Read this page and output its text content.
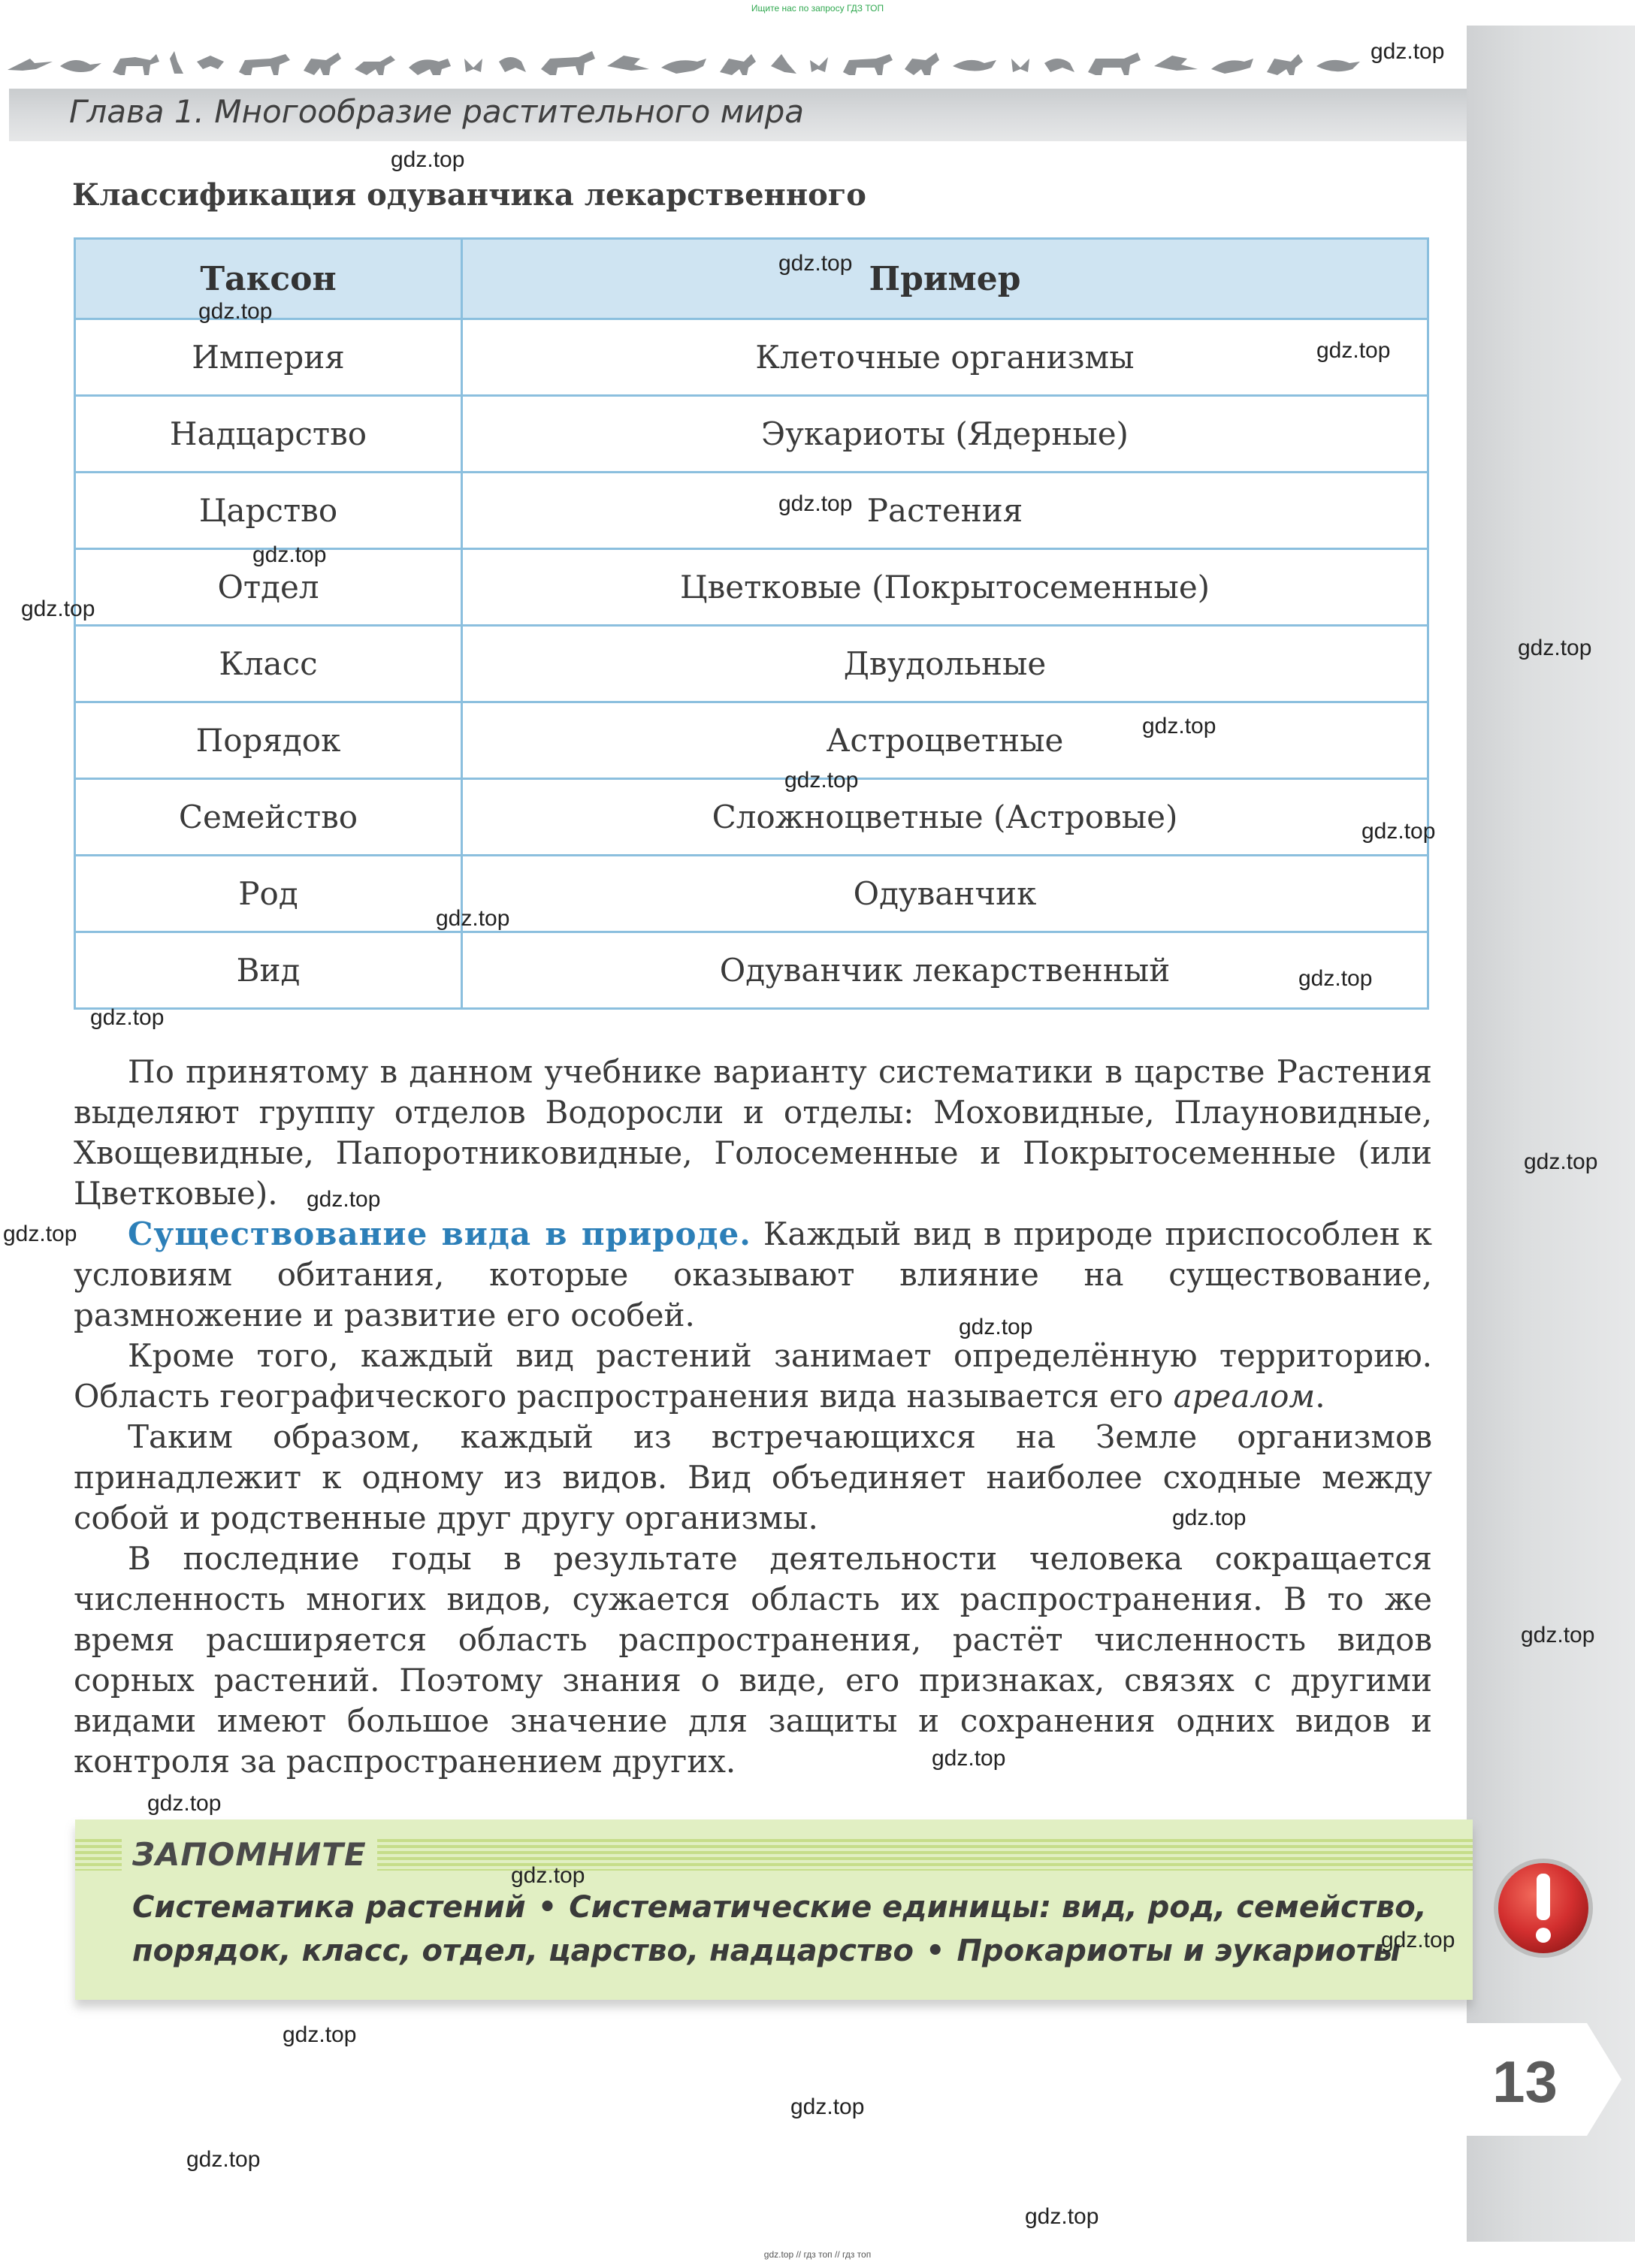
Ищите нас по запросу ГДЗ ТОП
Глава 1. Многообразие растительного мира
Классификация одуванчика лекарственного
Таксон	Пример
Империя	Клеточные организмы
Надцарство	Эукариоты (Ядерные)
Царство	Растения
Отдел	Цветковые (Покрытосеменные)
Класс	Двудольные
Порядок	Астроцветные
Семейство	Сложноцветные (Астровые)
Род	Одуванчик
Вид	Одуванчик лекарственный

По принятому в данном учебнике варианту систематики в царстве Растения выделяют группу отделов Водоросли и отделы: Моховидные, Плауновидные, Хвощевидные, Папоротниковидные, Голосеменные и Покрытосеменные (или Цветковые).

Существование вида в природе. Каждый вид в природе приспособлен к условиям обитания, которые оказывают влияние на существование, размножение и развитие его особей.

Кроме того, каждый вид растений занимает определённую территорию. Область географического распространения вида называется его ареалом.

Таким образом, каждый из встречающихся на Земле организмов принадлежит к одному из видов. Вид объединяет наиболее сходные между собой и родственные друг другу организмы.

В последние годы в результате деятельности человека сокращается численность многих видов, сужается область их распространения. В то же время расширяется область распространения, растёт численность видов сорных растений. Поэтому знания о виде, его признаках, связях с другими видами имеют большое значение для защиты и сохранения одних видов и контроля за распространением других.

ЗАПОМНИТЕ
Систематика растений • Систематические единицы: вид, род, семейство, порядок, класс, отдел, царство, надцарство • Прокариоты и эукариоты
13
gdz.top
gdz.top
gdz.top
gdz.top
gdz.top
gdz.top
gdz.top
gdz.top
gdz.top
gdz.top
gdz.top
gdz.top
gdz.top
gdz.top
gdz.top
gdz.top
gdz.top
gdz.top
gdz.top
gdz.top
gdz.top
gdz.top
gdz.top
gdz.top
gdz.top
gdz.top
gdz.top
gdz.top
gdz.top
gdz.top // гдз топ // гдз топ
